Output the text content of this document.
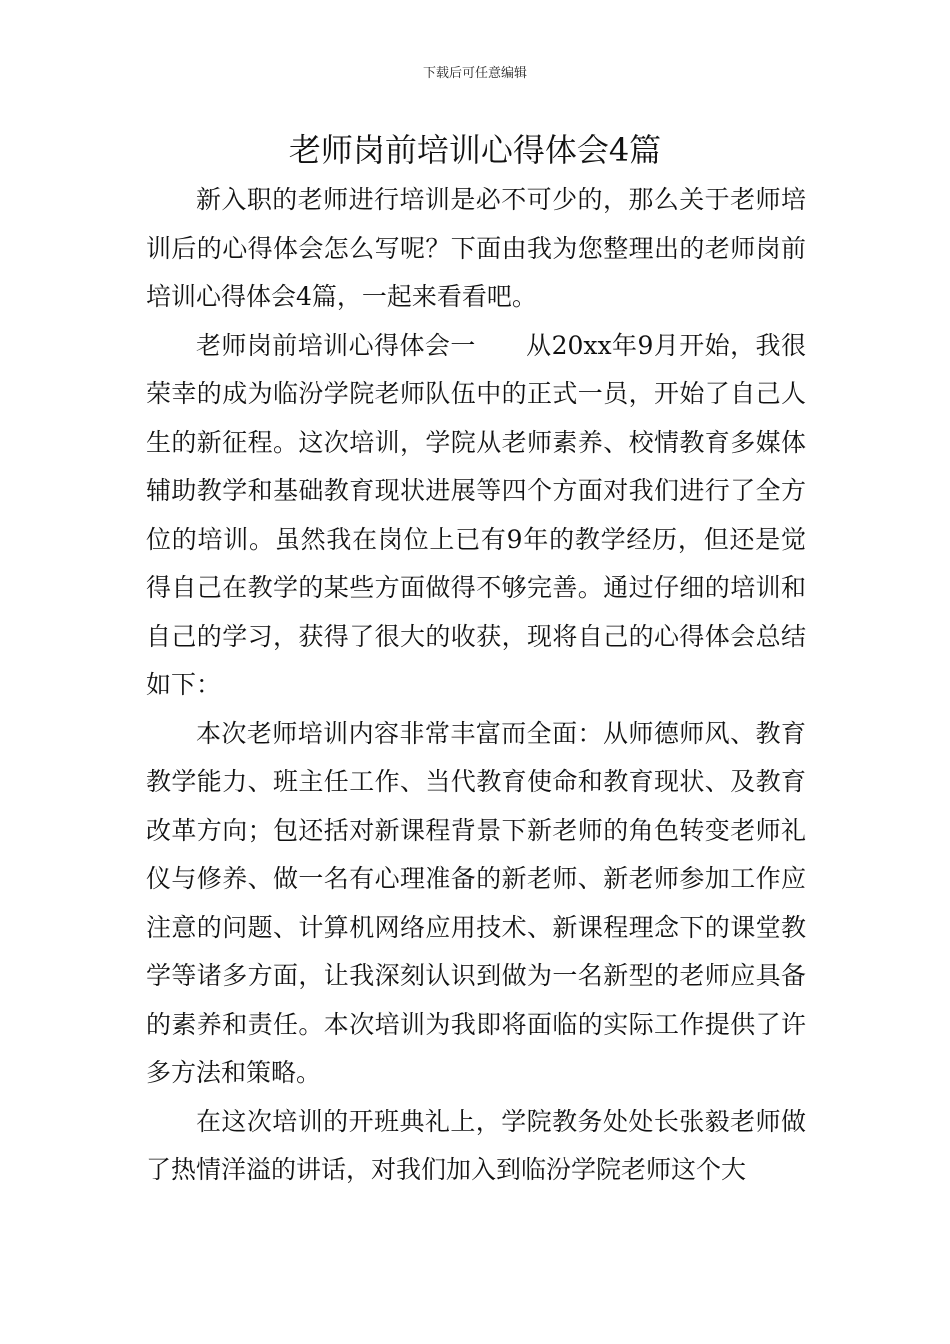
下载后可任意编辑
老师岗前培训心得体会4篇

新入职的老师进行培训是必不可少的，那么关于老师培训后的心得体会怎么写呢？下面由我为您整理出的老师岗前培训心得体会4篇，一起来看看吧。

老师岗前培训心得体会一 从20xx年9月开始，我很荣幸的成为临汾学院老师队伍中的正式一员，开始了自己人生的新征程。这次培训，学院从老师素养、校情教育多媒体辅助教学和基础教育现状进展等四个方面对我们进行了全方位的培训。虽然我在岗位上已有9年的教学经历，但还是觉得自己在教学的某些方面做得不够完善。通过仔细的培训和自己的学习，获得了很大的收获，现将自己的心得体会总结如下：

本次老师培训内容非常丰富而全面：从师德师风、教育教学能力、班主任工作、当代教育使命和教育现状、及教育改革方向；包还括对新课程背景下新老师的角色转变老师礼仪与修养、做一名有心理准备的新老师、新老师参加工作应注意的问题、计算机网络应用技术、新课程理念下的课堂教学等诸多方面，让我深刻认识到做为一名新型的老师应具备的素养和责任。本次培训为我即将面临的实际工作提供了许多方法和策略。

在这次培训的开班典礼上，学院教务处处长张毅老师做了热情洋溢的讲话，对我们加入到临汾学院老师这个大
